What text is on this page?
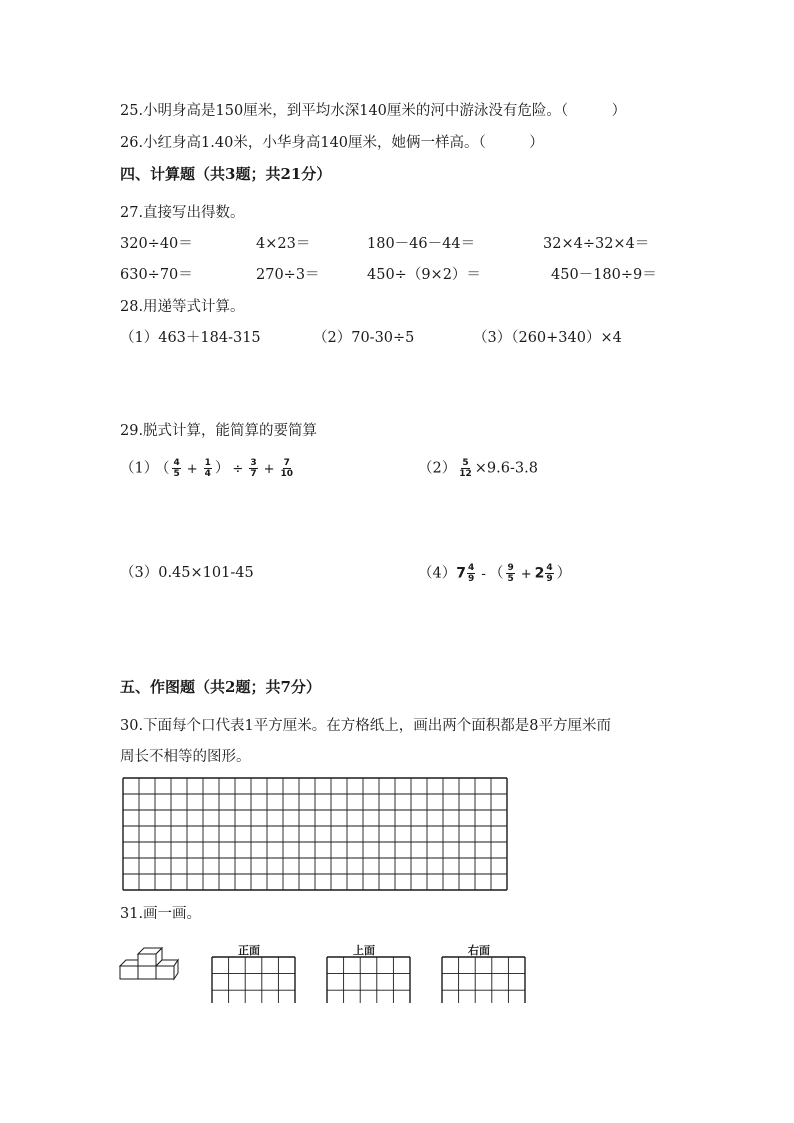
25.小明身高是150厘米，到平均水深140厘米的河中游泳没有危险。（　　　）
26.小红身高1.40米，小华身高140厘米，她俩一样高。（　　　）
四、计算题（共3题；共21分）
27.直接写出得数。
320÷40＝	4×23＝	180－46－44＝	32×4÷32×4＝
630÷70＝	270÷3＝	450÷（9×2）＝	450－180÷9＝
28.用递等式计算。
（1）463＋184-315	（2）70-30÷5	（3）（260+340）×4
29.脱式计算，能简算的要简算
（1） （ $\frac{4}{5} + \frac{1}{4}$ ） ÷ $\frac{3}{7} + \frac{7}{10}$	$(2) \frac{5}{12} \times 9.6-3.8$
（3）0.45×101-45	$(4)7 \frac{4}{9}$ - （ $\frac{9}{5} + 2 \frac{4}{9}$ ）
五、作图题（共2题；共7分）
30.下面每个口代表1平方厘米。在方格纸上，画出两个面积都是8平方厘米而
周长不相等的图形。
31.画一画。
正面	上面	右面
